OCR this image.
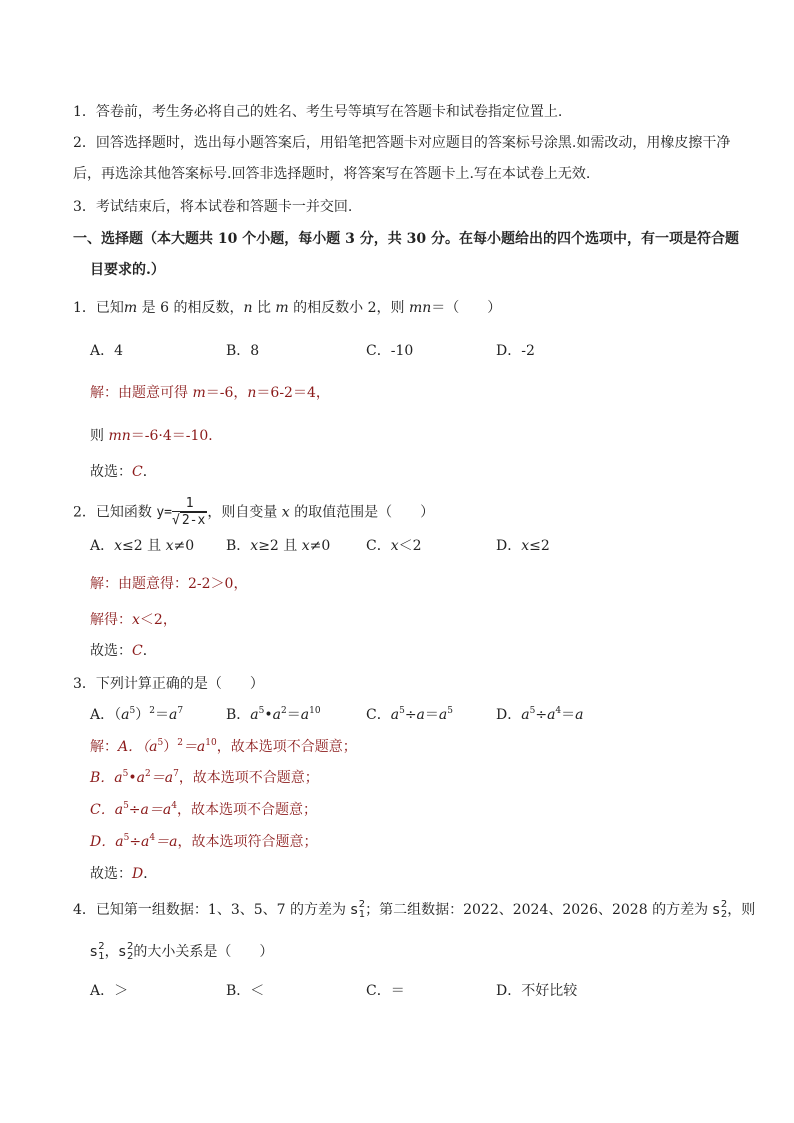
1．答卷前，考生务必将自己的姓名、考生号等填写在答题卡和试卷指定位置上.
2．回答选择题时，选出每小题答案后，用铅笔把答题卡对应题目的答案标号涂黑.如需改动，用橡皮擦干净
后，再选涂其他答案标号.回答非选择题时，将答案写在答题卡上.写在本试卷上无效.
3．考试结束后，将本试卷和答题卡一并交回.
一、选择题（本大题共 10 个小题，每小题 3 分，共 30 分。在每小题给出的四个选项中，有一项是符合题
目要求的.）
1．已知m 是 6 的相反数，n 比 m 的相反数小 2，则 mn＝（　　）
A．4	B．8	C．-10	D．-2
解：由题意可得 m＝-6，n＝6-2＝4，
则 mn＝-6·4＝-10．
故选：C．
2．已知函数 $y= \frac{1}{√ 2-x}$ ，则自变量 x 的取值范围是（　　）
A．x≤2 且 x≠0 B．x≥2 且 x≠0	C．x＜2	D．x≤2
解：由题意得：2-2＞0，
解得：x＜2，
故选：C．
3．下列计算正确的是（　　）
A．$(a^5)^2=a^7$	B．$a^5•a^2=a^{10}$	C．$a^5\div a=a^5$	D．$a^5\div a^4=a$
解：A．$(a^5)^2=a^{10}$，故本选项不合题意；
B．$a^5•a^2=a^7$，故本选项不合题意；
C．$a^5\div a=a^4$，故本选项不合题意；
D．$a^5\div a^4=a$，故本选项符合题意；
故选：D．
4．已知第一组数据：1、3、5、7 的方差为 s 2
1 ；第二组数据：2022、2024、2026、2028 的方差为 s 2
2 ，则
s 2
1 ， s 2
2 的大小关系是（　　）
A．＞	B．＜	C．＝	D．不好比较
